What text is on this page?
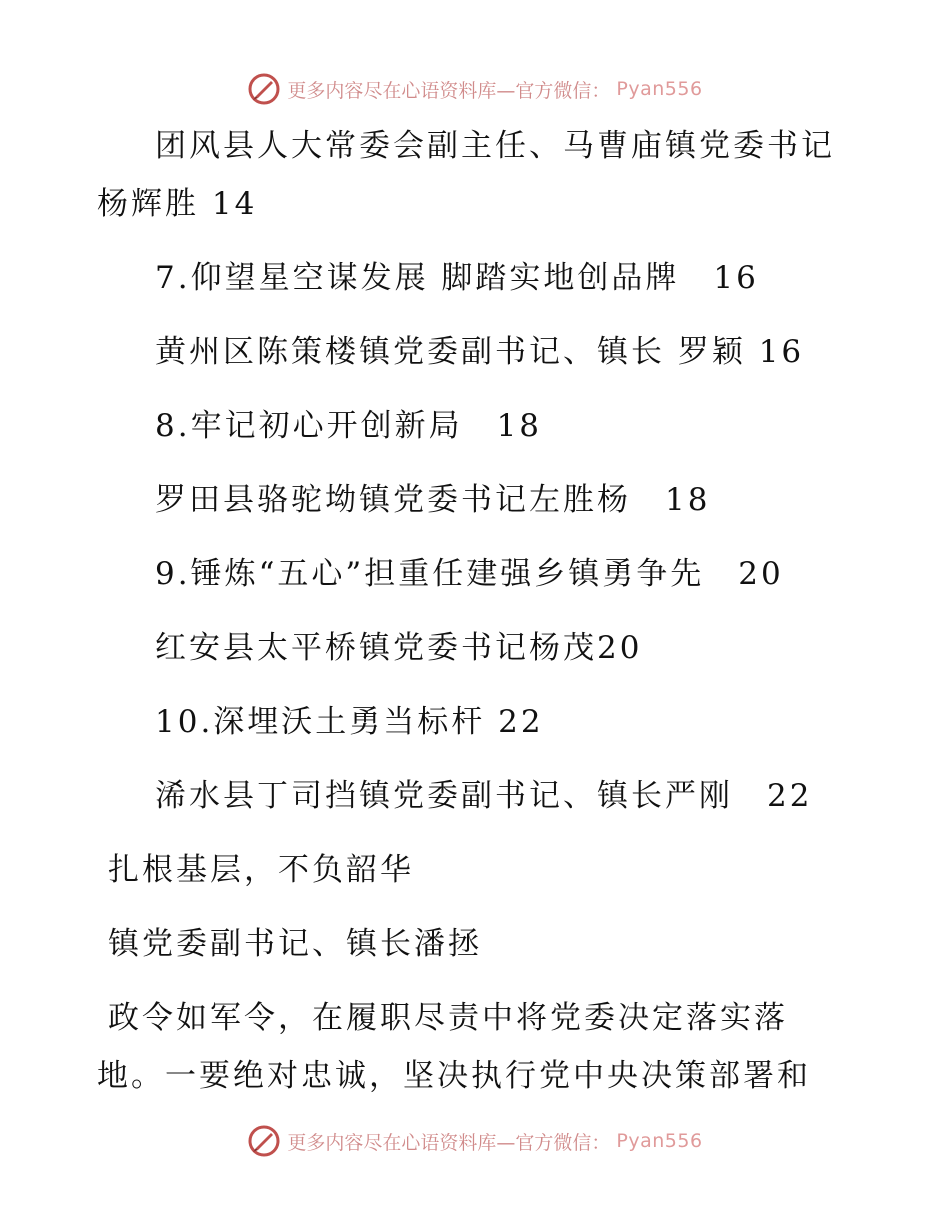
更多内容尽在心语资料库—官方微信： Pyan556
团风县人大常委会副主任、马曹庙镇党委书记
杨辉胜 14
7.仰望星空谋发展 脚踏实地创品牌　16
黄州区陈策楼镇党委副书记、镇长 罗颖 16
8.牢记初心开创新局　18
罗田县骆驼坳镇党委书记左胜杨　18
9.锤炼“五心”担重任建强乡镇勇争先　20
红安县太平桥镇党委书记杨茂20
10.深埋沃土勇当标杆 22
浠水县丁司挡镇党委副书记、镇长严刚　22
扎根基层，不负韶华
镇党委副书记、镇长潘拯
政令如军令，在履职尽责中将党委决定落实落
地。一要绝对忠诚，坚决执行党中央决策部署和
更多内容尽在心语资料库—官方微信： Pyan556
